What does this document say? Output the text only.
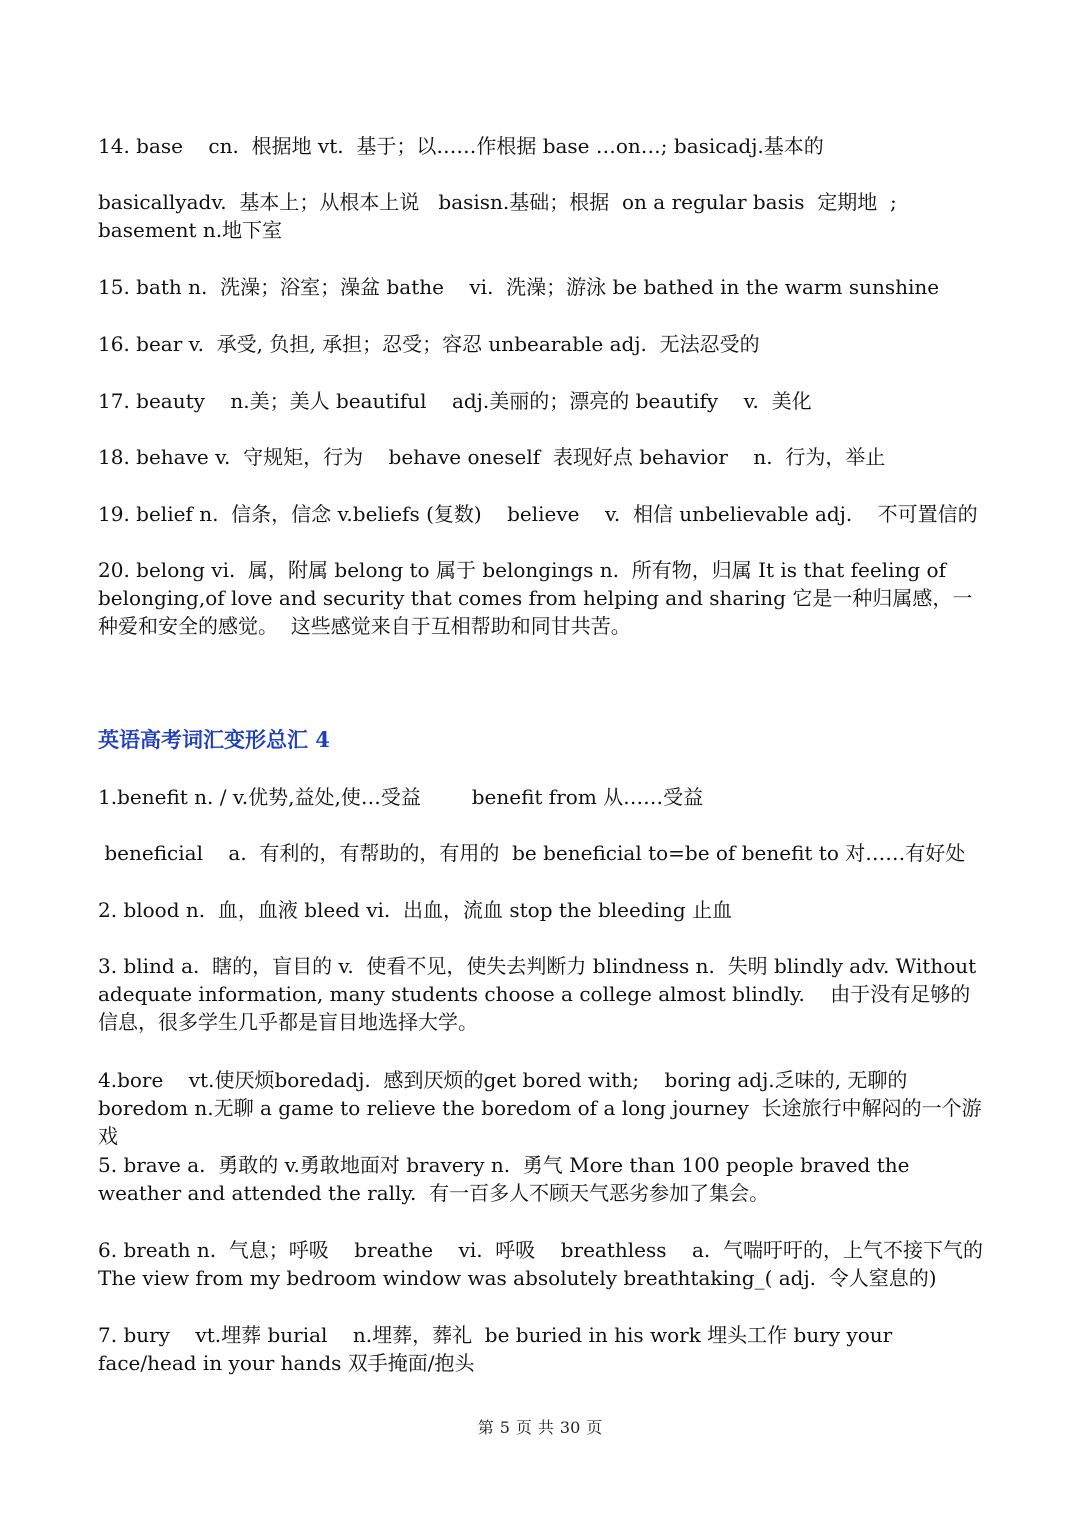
14. base    cn.  根据地 vt.  基于；以……作根据 base …on…; basicadj.基本的
basicallyadv.  基本上；从根本上说   basisn.基础；根据  on a regular basis  定期地  ; basement n.地下室
15. bath n.  洗澡；浴室；澡盆 bathe    vi.  洗澡；游泳 be bathed in the warm sunshine
16. bear v.  承受, 负担, 承担；忍受；容忍 unbearable adj.  无法忍受的
17. beauty    n.美；美人 beautiful    adj.美丽的；漂亮的 beautify    v.  美化
18. behave v.  守规矩，行为    behave oneself  表现好点 behavior    n.  行为，举止
19. belief n.  信条，信念 v.beliefs (复数)    believe    v.  相信 unbelievable adj.    不可置信的
20. belong vi.  属，附属 belong to 属于 belongings n.  所有物，归属 It is that feeling of belonging,of love and security that comes from helping and sharing 它是一种归属感，一种爱和安全的感觉。  这些感觉来自于互相帮助和同甘共苦。
英语高考词汇变形总汇 4
1.benefit n. / v.优势,益处,使…受益        benefit from 从……受益
beneficial    a.  有利的，有帮助的，有用的  be beneficial to=be of benefit to 对……有好处
2. blood n.  血，血液 bleed vi.  出血，流血 stop the bleeding 止血
3. blind a.  瞎的，盲目的 v.  使看不见，使失去判断力 blindness n.  失明 blindly adv. Without adequate information, many students choose a college almost blindly.    由于没有足够的信息，很多学生几乎都是盲目地选择大学。
4.bore    vt.使厌烦boredadj.  感到厌烦的get bored with;    boring adj.乏味的, 无聊的  boredom n.无聊 a game to relieve the boredom of a long journey  长途旅行中解闷的一个游戏
5. brave a.  勇敢的 v.勇敢地面对 bravery n.  勇气 More than 100 people braved the weather and attended the rally.  有一百多人不顾天气恶劣参加了集会。
6. breath n.  气息；呼吸    breathe    vi.  呼吸    breathless    a.  气喘吁吁的，上气不接下气的 The view from my bedroom window was absolutely breathtaking_( adj.  令人窒息的)
7. bury    vt.埋葬 burial    n.埋葬，葬礼  be buried in his work 埋头工作 bury your face/head in your hands 双手掩面/抱头
第 5 页 共 30 页
